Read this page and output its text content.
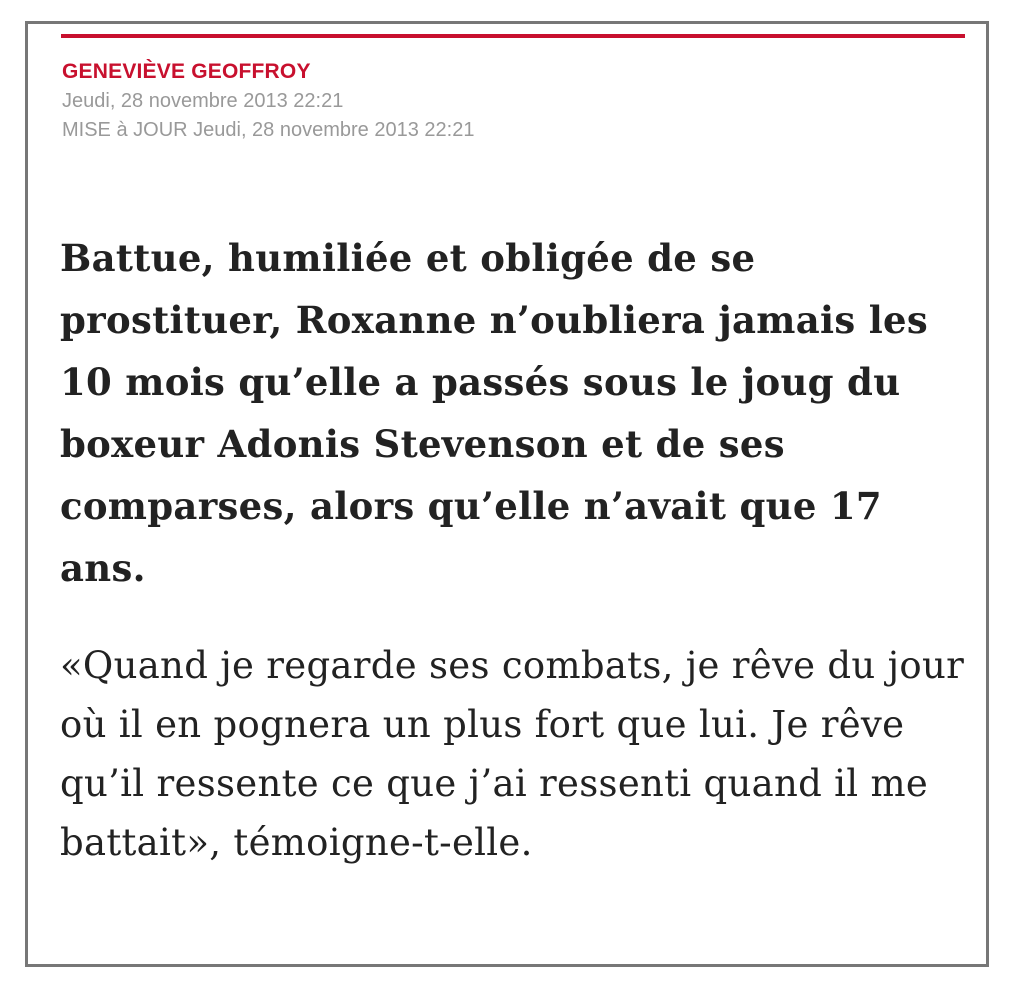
GENEVIÈVE GEOFFROY
Jeudi, 28 novembre 2013 22:21
MISE à JOUR Jeudi, 28 novembre 2013 22:21

Battue, humiliée et obligée de se prostituer, Roxanne n’oubliera jamais les 10 mois qu’elle a passés sous le joug du boxeur Adonis Stevenson et de ses comparses, alors qu’elle n’avait que 17 ans.

«Quand je regarde ses combats, je rêve du jour où il en pognera un plus fort que lui. Je rêve qu’il ressente ce que j’ai ressenti quand il me battait», témoigne-t-elle.
